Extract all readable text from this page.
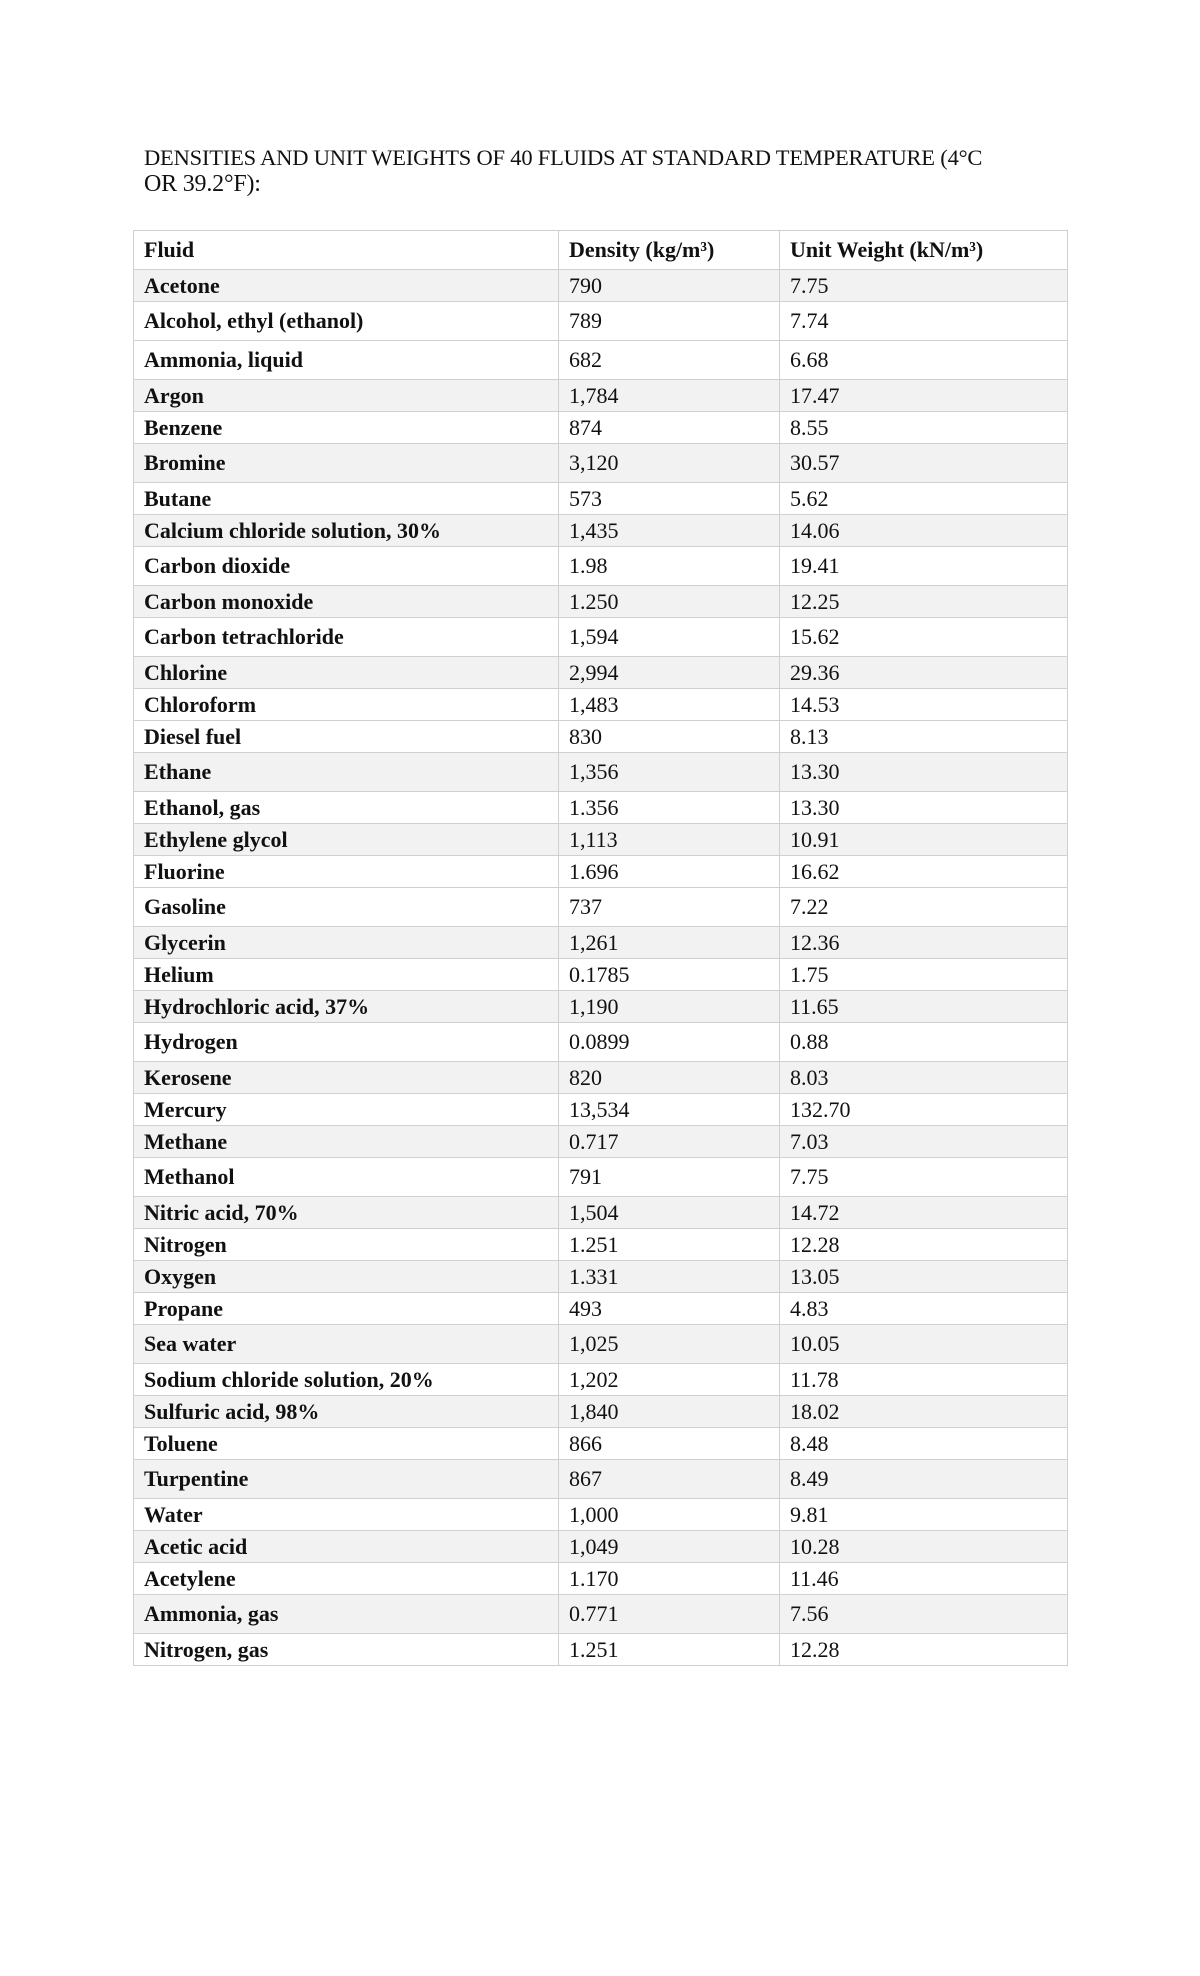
DENSITIES AND UNIT WEIGHTS OF 40 FLUIDS AT STANDARD TEMPERATURE (4°C
OR 39.2°F):
Fluid	Density (kg/m³)	Unit Weight (kN/m³)
Acetone	790	7.75
Alcohol, ethyl (ethanol)	789	7.74
Ammonia, liquid	682	6.68
Argon	1,784	17.47
Benzene	874	8.55
Bromine	3,120	30.57
Butane	573	5.62
Calcium chloride solution, 30%	1,435	14.06
Carbon dioxide	1.98	19.41
Carbon monoxide	1.250	12.25
Carbon tetrachloride	1,594	15.62
Chlorine	2,994	29.36
Chloroform	1,483	14.53
Diesel fuel	830	8.13
Ethane	1,356	13.30
Ethanol, gas	1.356	13.30
Ethylene glycol	1,113	10.91
Fluorine	1.696	16.62
Gasoline	737	7.22
Glycerin	1,261	12.36
Helium	0.1785	1.75
Hydrochloric acid, 37%	1,190	11.65
Hydrogen	0.0899	0.88
Kerosene	820	8.03
Mercury	13,534	132.70
Methane	0.717	7.03
Methanol	791	7.75
Nitric acid, 70%	1,504	14.72
Nitrogen	1.251	12.28
Oxygen	1.331	13.05
Propane	493	4.83
Sea water	1,025	10.05
Sodium chloride solution, 20%	1,202	11.78
Sulfuric acid, 98%	1,840	18.02
Toluene	866	8.48
Turpentine	867	8.49
Water	1,000	9.81
Acetic acid	1,049	10.28
Acetylene	1.170	11.46
Ammonia, gas	0.771	7.56
Nitrogen, gas	1.251	12.28
